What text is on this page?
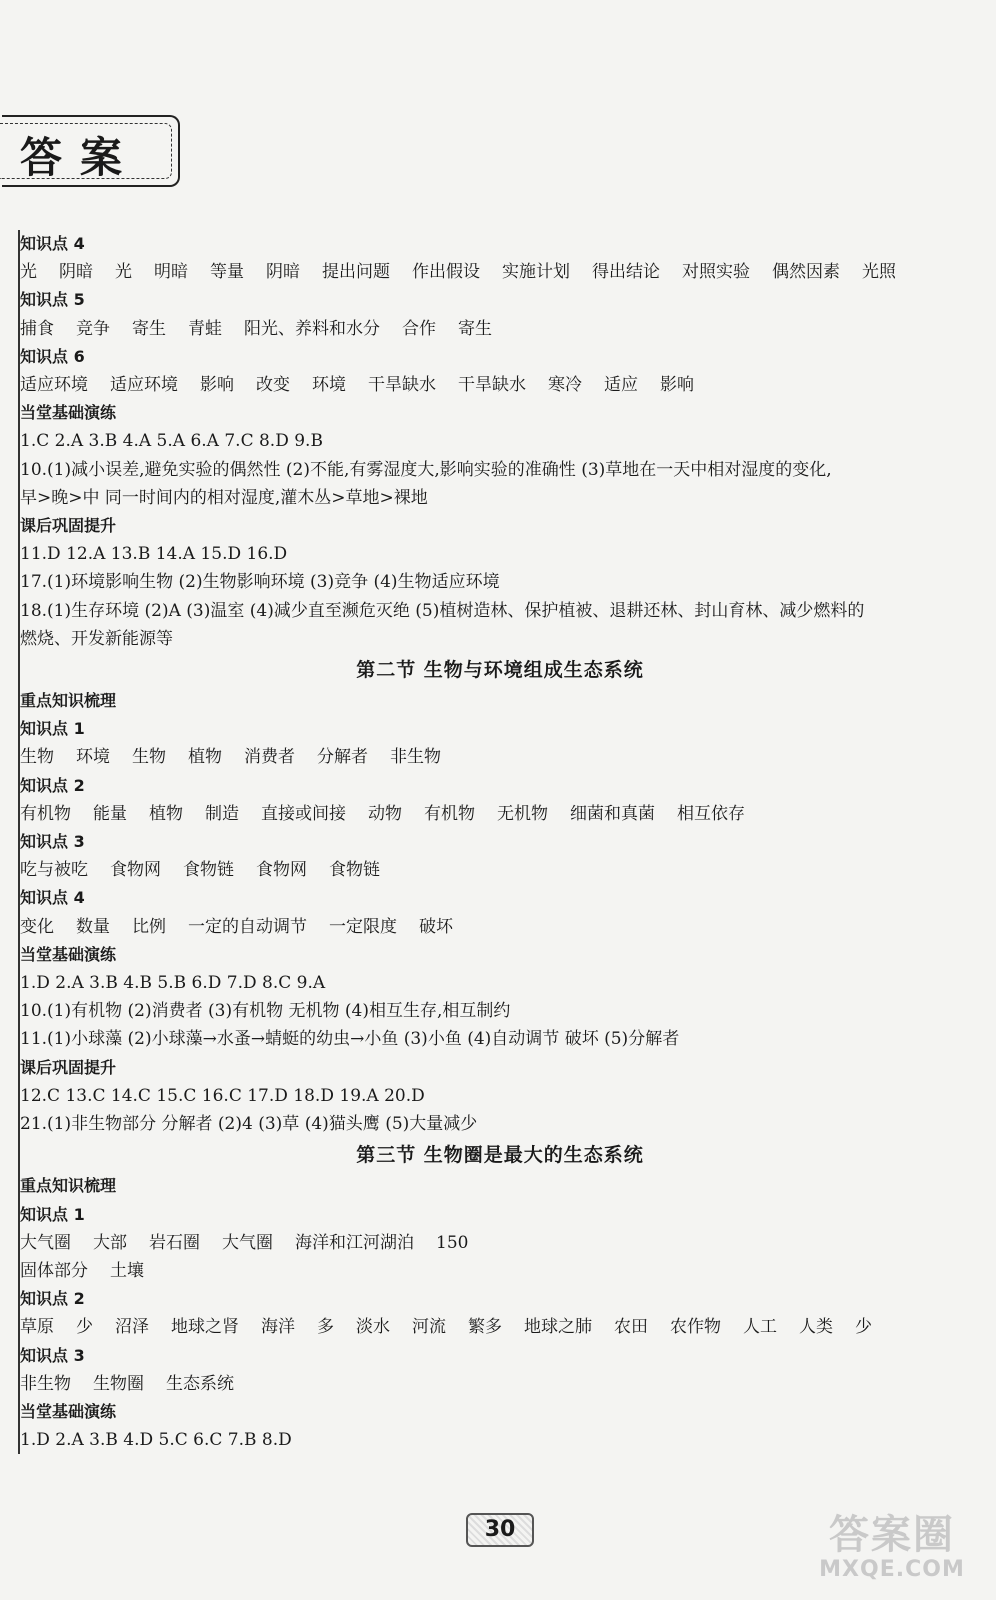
答案
知识点 4
光 阴暗 光 明暗 等量 阴暗 提出问题 作出假设 实施计划 得出结论 对照实验 偶然因素 光照
知识点 5
捕食 竞争 寄生 青蛙 阳光、养料和水分 合作 寄生
知识点 6
适应环境 适应环境 影响 改变 环境 干旱缺水 干旱缺水 寒冷 适应 影响
当堂基础演练
1.C 2.A 3.B 4.A 5.A 6.A 7.C 8.D 9.B
10.(1)减小误差,避免实验的偶然性 (2)不能,有雾湿度大,影响实验的准确性 (3)草地在一天中相对湿度的变化,
早>晚>中 同一时间内的相对湿度,灌木丛>草地>裸地
课后巩固提升
11.D 12.A 13.B 14.A 15.D 16.D
17.(1)环境影响生物 (2)生物影响环境 (3)竞争 (4)生物适应环境
18.(1)生存环境 (2)A (3)温室 (4)减少直至濒危灭绝 (5)植树造林、保护植被、退耕还林、封山育林、减少燃料的
燃烧、开发新能源等
第二节 生物与环境组成生态系统
重点知识梳理
知识点 1
生物 环境 生物 植物 消费者 分解者 非生物
知识点 2
有机物 能量 植物 制造 直接或间接 动物 有机物 无机物 细菌和真菌 相互依存
知识点 3
吃与被吃 食物网 食物链 食物网 食物链
知识点 4
变化 数量 比例 一定的自动调节 一定限度 破坏
当堂基础演练
1.D 2.A 3.B 4.B 5.B 6.D 7.D 8.C 9.A
10.(1)有机物 (2)消费者 (3)有机物 无机物 (4)相互生存,相互制约
11.(1)小球藻 (2)小球藻→水蚤→蜻蜓的幼虫→小鱼 (3)小鱼 (4)自动调节 破坏 (5)分解者
课后巩固提升
12.C 13.C 14.C 15.C 16.C 17.D 18.D 19.A 20.D
21.(1)非生物部分 分解者 (2)4 (3)草 (4)猫头鹰 (5)大量减少
第三节 生物圈是最大的生态系统
重点知识梳理
知识点 1
大气圈 大部 岩石圈 大气圈 海洋和江河湖泊 150
固体部分 土壤
知识点 2
草原 少 沼泽 地球之肾 海洋 多 淡水 河流 繁多 地球之肺 农田 农作物 人工 人类 少
知识点 3
非生物 生物圈 生态系统
当堂基础演练
1.D 2.A 3.B 4.D 5.C 6.C 7.B 8.D
30	答案圈
MXQE.COM
